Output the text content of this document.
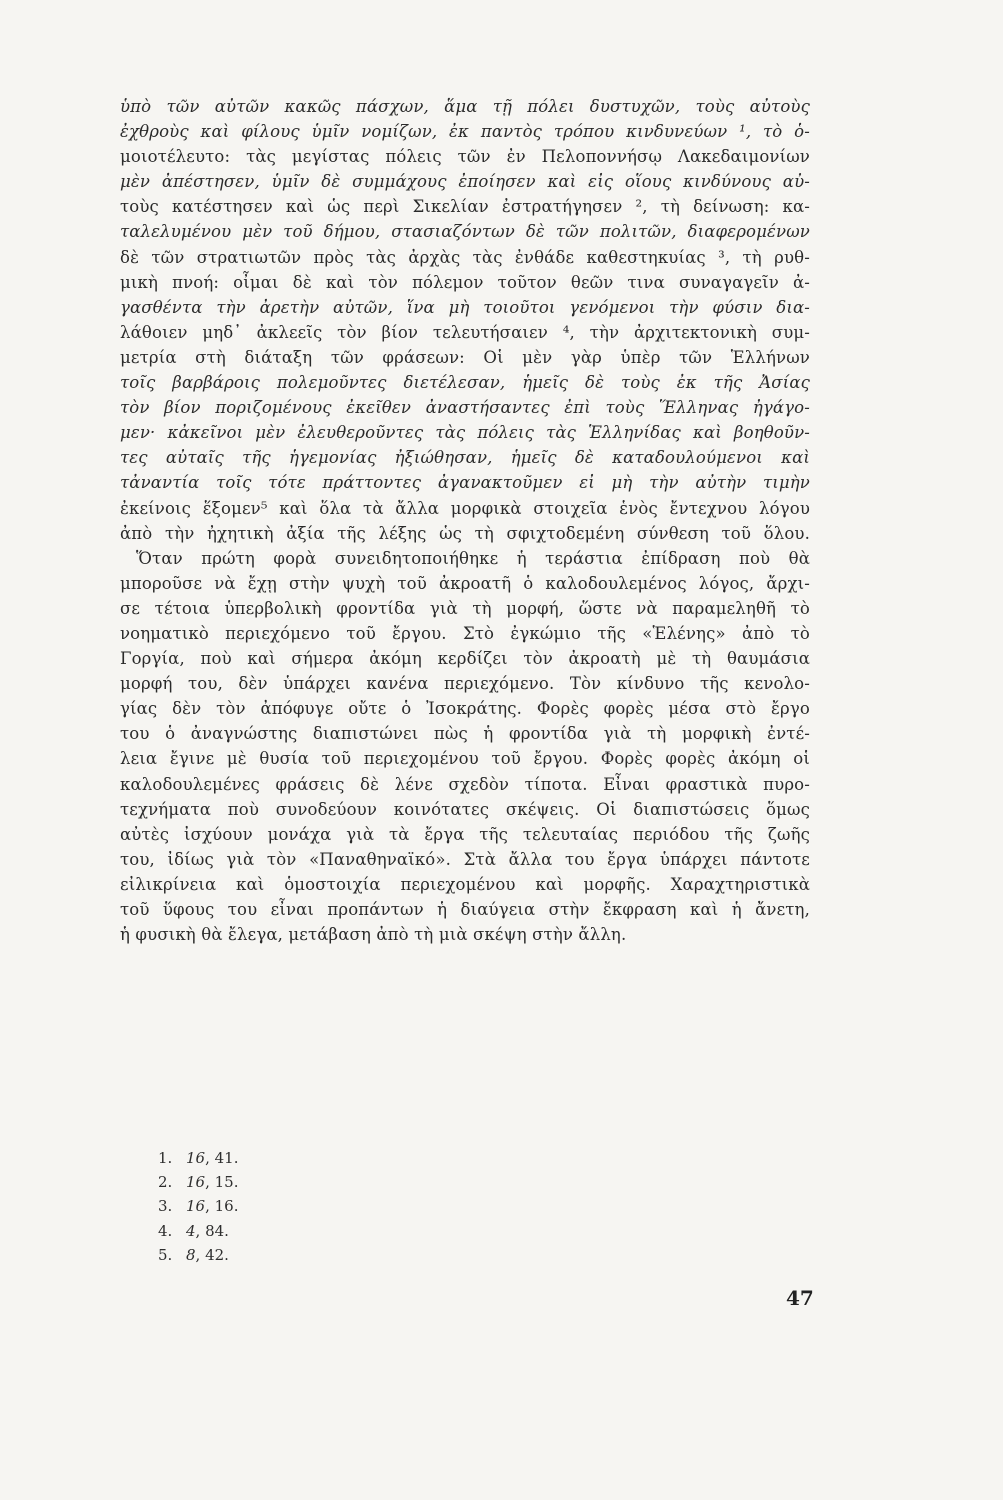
ὑπὸ τῶν αὐτῶν κακῶς πάσχων, ἅμα τῇ πόλει δυστυχῶν, τοὺς αὐτοὺς
ἐχθροὺς καὶ φίλους ὑμῖν νομίζων, ἐκ παντὸς τρόπου κινδυνεύων ¹, τὸ ὁ-
μοιοτέλευτο: τὰς μεγίστας πόλεις τῶν ἐν Πελοποννήσῳ Λακεδαιμονίων
μὲν ἀπέστησεν, ὑμῖν δὲ συμμάχους ἐποίησεν καὶ εἰς οἵους κινδύνους αὐ-
τοὺς κατέστησεν καὶ ὡς περὶ Σικελίαν ἐστρατήγησεν ², τὴ δείνωση: κα-
ταλελυμένου μὲν τοῦ δήμου, στασιαζόντων δὲ τῶν πολιτῶν, διαφερομένων
δὲ τῶν στρατιωτῶν πρὸς τὰς ἀρχὰς τὰς ἐνθάδε καθεστηκυίας ³, τὴ ρυθ-
μικὴ πνοή: οἶμαι δὲ καὶ τὸν πόλεμον τοῦτον θεῶν τινα συναγαγεῖν ἀ-
γασθέντα τὴν ἀρετὴν αὐτῶν, ἵνα μὴ τοιοῦτοι γενόμενοι τὴν φύσιν δια-
λάθοιεν μηδ᾽ ἀκλεεῖς τὸν βίον τελευτήσαιεν ⁴, τὴν ἀρχιτεκτονικὴ συμ-
μετρία στὴ διάταξη τῶν φράσεων: Οἱ μὲν γὰρ ὑπὲρ τῶν Ἑλλήνων
τοῖς βαρβάροις πολεμοῦντες διετέλεσαν, ἡμεῖς δὲ τοὺς ἐκ τῆς Ἀσίας
τὸν βίον ποριζομένους ἐκεῖθεν ἀναστήσαντες ἐπὶ τοὺς Ἕλληνας ἠγάγο-
μεν· κἀκεῖνοι μὲν ἐλευθεροῦντες τὰς πόλεις τὰς Ἑλληνίδας καὶ βοηθοῦν-
τες αὐταῖς τῆς ἡγεμονίας ἠξιώθησαν, ἡμεῖς δὲ καταδουλούμενοι καὶ
τἀναντία τοῖς τότε πράττοντες ἀγανακτοῦμεν εἰ μὴ τὴν αὐτὴν τιμὴν
ἐκείνοις ἕξομεν⁵ καὶ ὅλα τὰ ἄλλα μορφικὰ στοιχεῖα ἑνὸς ἔντεχνου λόγου
ἀπὸ τὴν ἠχητικὴ ἀξία τῆς λέξης ὡς τὴ σφιχτοδεμένη σύνθεση τοῦ ὅλου.
Ὅταν πρώτη φορὰ συνειδητοποιήθηκε ἡ τεράστια ἐπίδραση ποὺ θὰ
μποροῦσε νὰ ἔχῃ στὴν ψυχὴ τοῦ ἀκροατῆ ὁ καλοδουλεμένος λόγος, ἄρχι-
σε τέτοια ὑπερβολικὴ φροντίδα γιὰ τὴ μορφή, ὥστε νὰ παραμεληθῆ τὸ
νοηματικὸ περιεχόμενο τοῦ ἔργου. Στὸ ἐγκώμιο τῆς «Ἑλένης» ἀπὸ τὸ
Γοργία, ποὺ καὶ σήμερα ἀκόμη κερδίζει τὸν ἀκροατὴ μὲ τὴ θαυμάσια
μορφή του, δὲν ὑπάρχει κανένα περιεχόμενο. Τὸν κίνδυνο τῆς κενολο-
γίας δὲν τὸν ἀπόφυγε οὔτε ὁ Ἰσοκράτης. Φορὲς φορὲς μέσα στὸ ἔργο
του ὁ ἀναγνώστης διαπιστώνει πὼς ἡ φροντίδα γιὰ τὴ μορφικὴ ἐντέ-
λεια ἔγινε μὲ θυσία τοῦ περιεχομένου τοῦ ἔργου. Φορὲς φορὲς ἀκόμη οἱ
καλοδουλεμένες φράσεις δὲ λένε σχεδὸν τίποτα. Εἶναι φραστικὰ πυρο-
τεχνήματα ποὺ συνοδεύουν κοινότατες σκέψεις. Οἱ διαπιστώσεις ὅμως
αὐτὲς ἰσχύουν μονάχα γιὰ τὰ ἔργα τῆς τελευταίας περιόδου τῆς ζωῆς
του, ἰδίως γιὰ τὸν «Παναθηναϊκό». Στὰ ἄλλα του ἔργα ὑπάρχει πάντοτε
εἰλικρίνεια καὶ ὁμοστοιχία περιεχομένου καὶ μορφῆς. Χαραχτηριστικὰ
τοῦ ὕφους του εἶναι προπάντων ἡ διαύγεια στὴν ἔκφραση καὶ ἡ ἄνετη,
ἡ φυσικὴ θὰ ἔλεγα, μετάβαση ἀπὸ τὴ μιὰ σκέψη στὴν ἄλλη.
1. 16, 41.
2. 16, 15.
3. 16, 16.
4. 4, 84.
5. 8, 42.
47
